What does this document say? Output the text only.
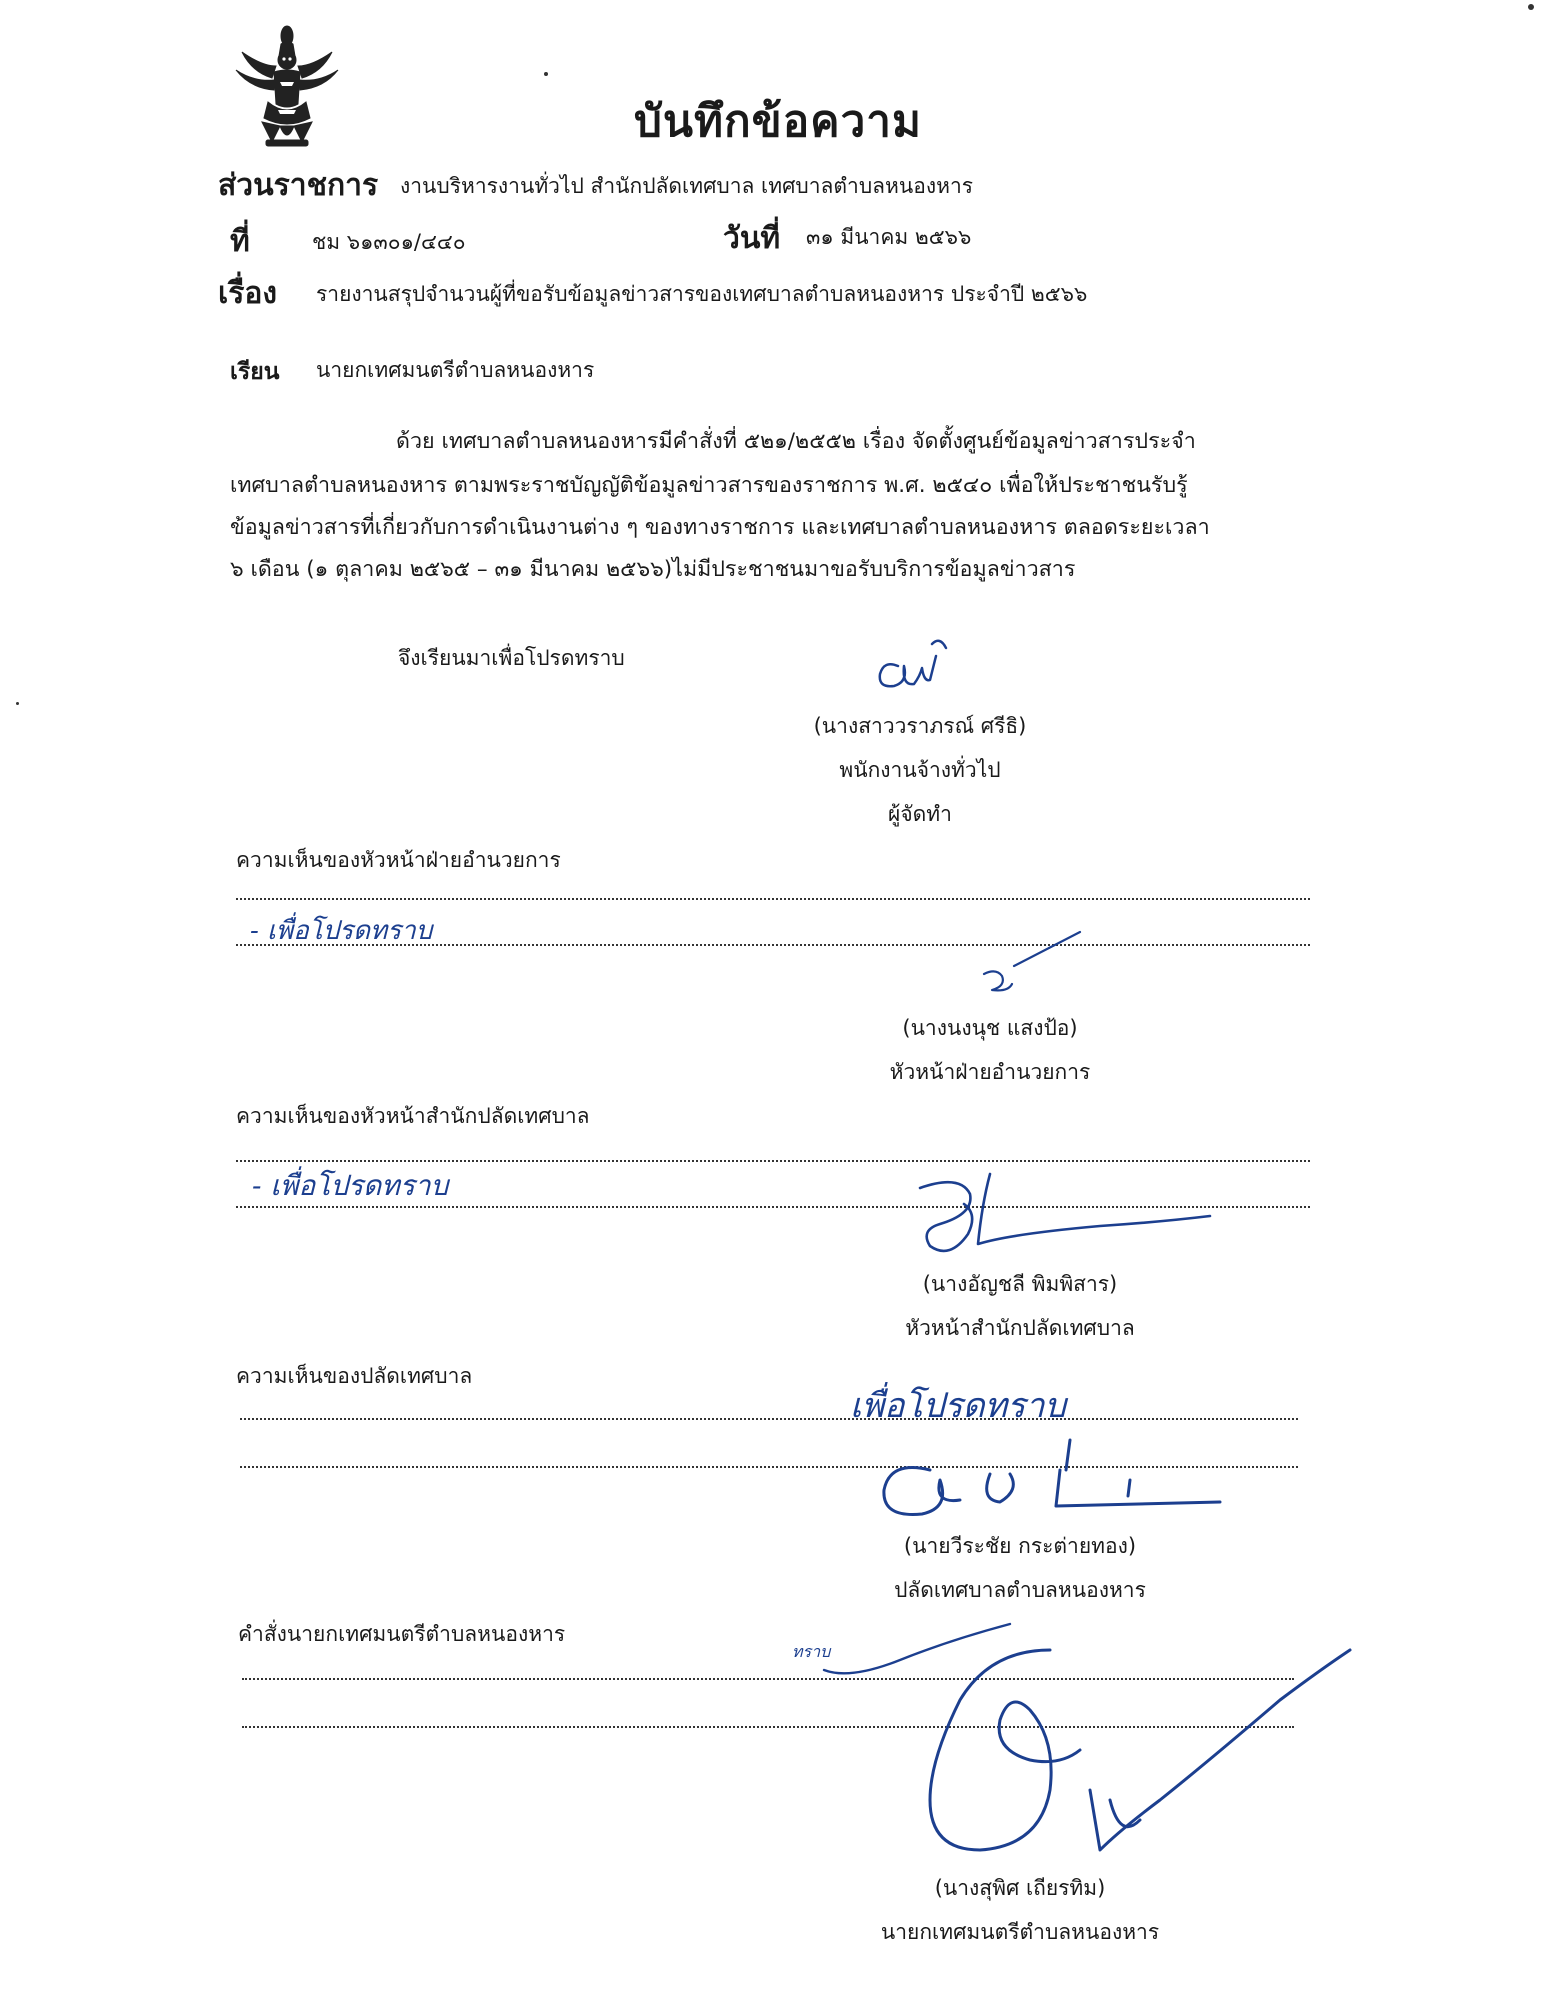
บันทึกข้อความ
ส่วนราชการ งานบริหารงานทั่วไป สำนักปลัดเทศบาล เทศบาลตำบลหนองหาร
ที่	ชม ๖๑๓๐๑/๔๔๐	วันที่ ๓๑ มีนาคม ๒๕๖๖
เรื่อง รายงานสรุปจำนวนผู้ที่ขอรับข้อมูลข่าวสารของเทศบาลตำบลหนองหาร ประจำปี ๒๕๖๖
เรียน นายกเทศมนตรีตำบลหนองหาร
ด้วย เทศบาลตำบลหนองหารมีคำสั่งที่ ๕๒๑/๒๕๕๒ เรื่อง จัดตั้งศูนย์ข้อมูลข่าวสารประจำ
เทศบาลตำบลหนองหาร ตามพระราชบัญญัติข้อมูลข่าวสารของราชการ พ.ศ. ๒๕๔๐ เพื่อให้ประชาชนรับรู้
ข้อมูลข่าวสารที่เกี่ยวกับการดำเนินงานต่าง ๆ ของทางราชการ และเทศบาลตำบลหนองหาร ตลอดระยะเวลา
๖ เดือน (๑ ตุลาคม ๒๕๖๕ – ๓๑ มีนาคม ๒๕๖๖)ไม่มีประชาชนมาขอรับบริการข้อมูลข่าวสาร
จึงเรียนมาเพื่อโปรดทราบ
(นางสาววราภรณ์ ศรีธิ)
พนักงานจ้างทั่วไป
ผู้จัดทำ
ความเห็นของหัวหน้าฝ่ายอำนวยการ
- เพื่อโปรดทราบ
(นางนงนุช แสงป้อ)
หัวหน้าฝ่ายอำนวยการ
ความเห็นของหัวหน้าสำนักปลัดเทศบาล
- เพื่อโปรดทราบ
(นางอัญชลี พิมพิสาร)
หัวหน้าสำนักปลัดเทศบาล
ความเห็นของปลัดเทศบาล
เพื่อโปรดทราบ
(นายวีระชัย กระต่ายทอง)
ปลัดเทศบาลตำบลหนองหาร
คำสั่งนายกเทศมนตรีตำบลหนองหาร
ทราบ
(นางสุพิศ เถียรทิม)
นายกเทศมนตรีตำบลหนองหาร
